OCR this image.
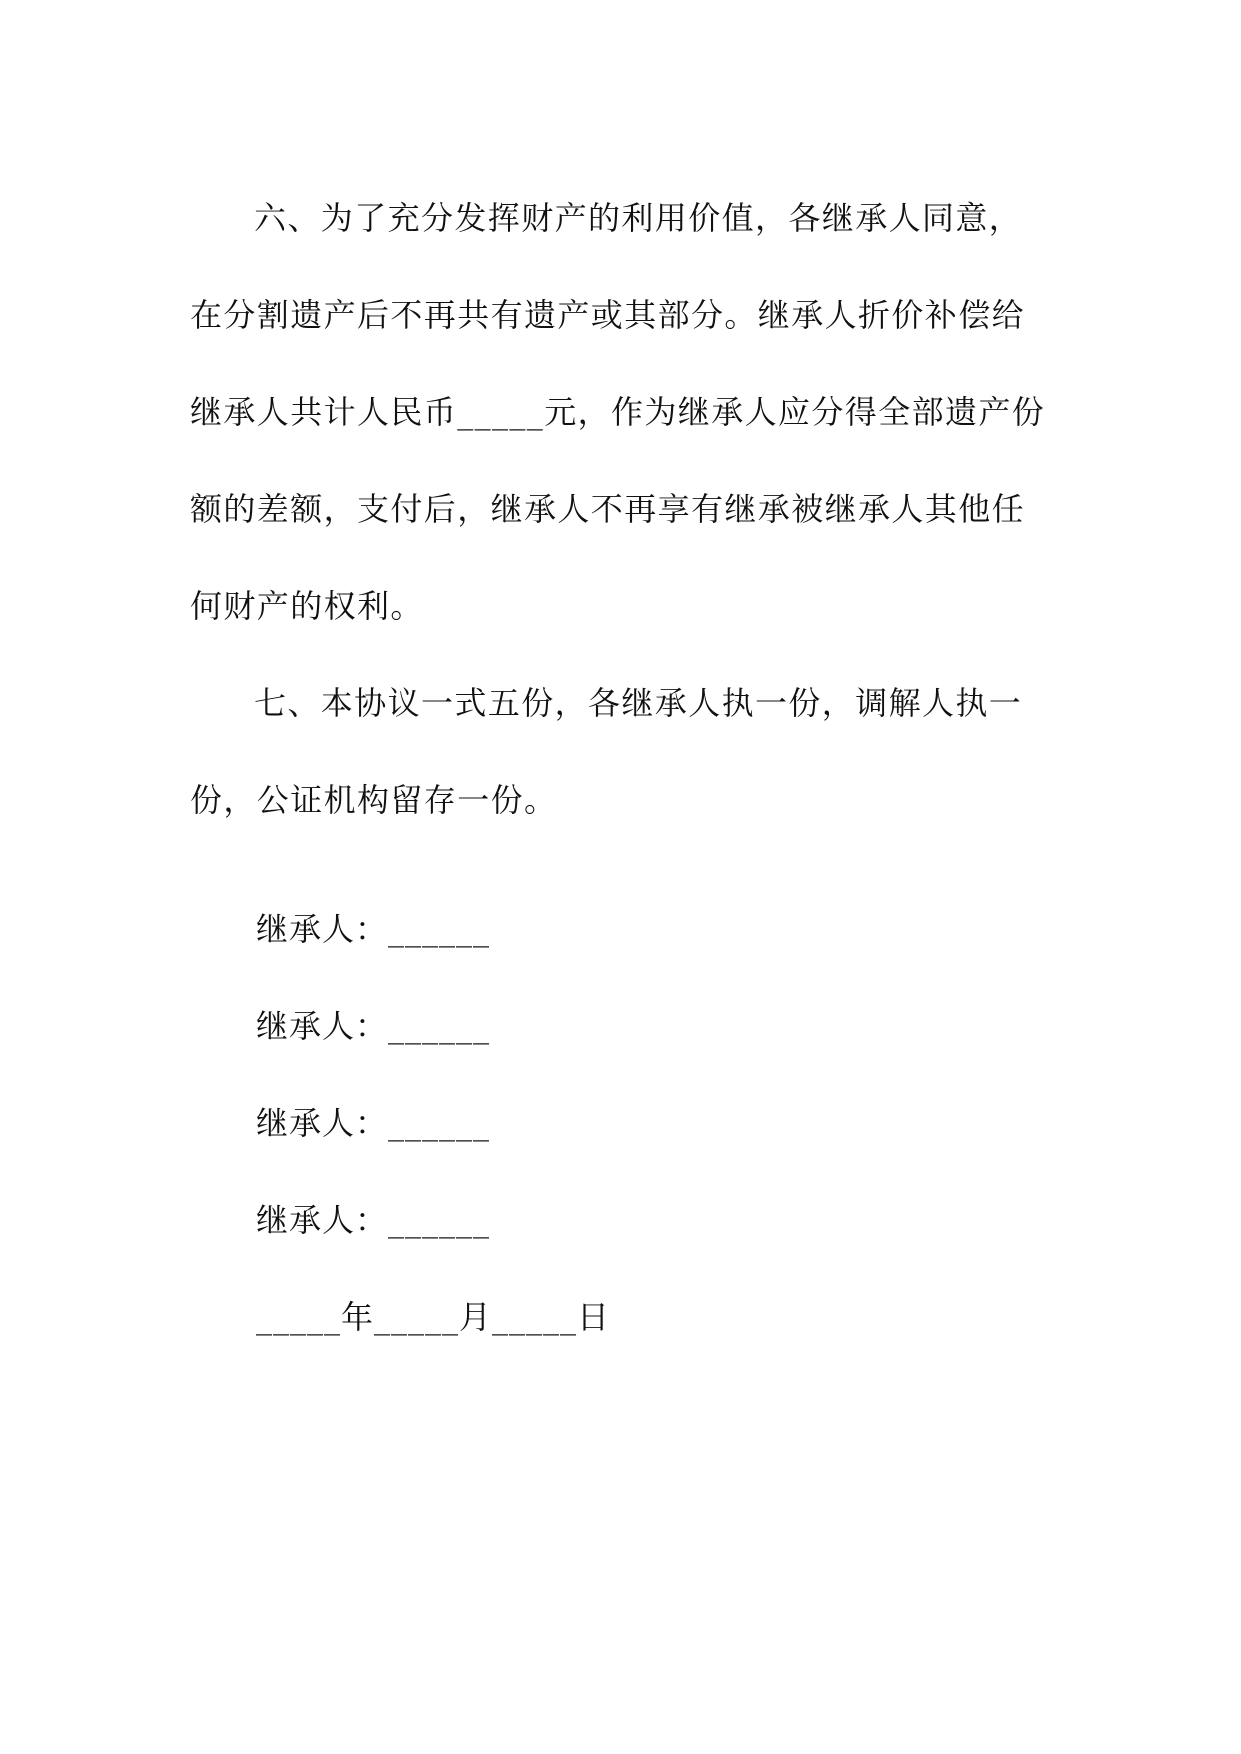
六、为了充分发挥财产的利用价值，各继承人同意，在分割遗产后不再共有遗产或其部分。继承人折价补偿给继承人共计人民币_____元，作为继承人应分得全部遗产份额的差额，支付后，继承人不再享有继承被继承人其他任何财产的权利。

七、本协议一式五份，各继承人执一份，调解人执一份，公证机构留存一份。

继承人：______

继承人：______

继承人：______

继承人：______

_____年_____月_____日
